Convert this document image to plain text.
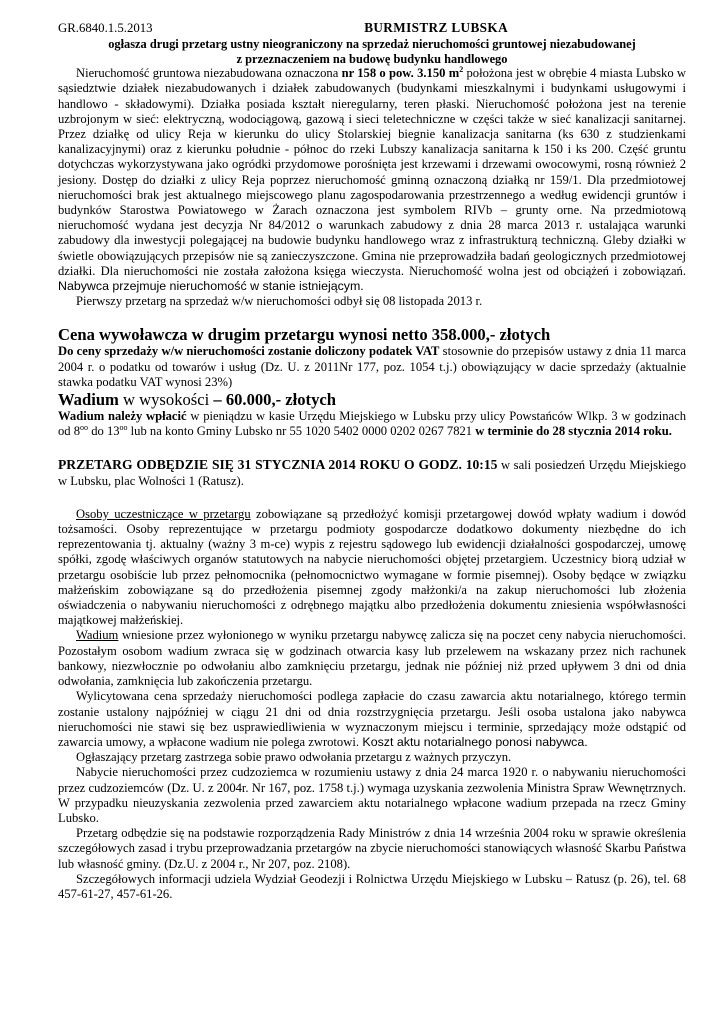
GR.6840.1.5.2013	BURMISTRZ LUBSKA
ogłasza drugi przetarg ustny nieograniczony na sprzedaż nieruchomości gruntowej niezabudowanej
z przeznaczeniem na budowę budynku handlowego

Nieruchomość gruntowa niezabudowana oznaczona nr 158 o pow. 3.150 $m^2$ położona jest w obrębie 4 miasta Lubsko w sąsiedztwie działek niezabudowanych i działek zabudowanych (budynkami mieszkalnymi i budynkami usługowymi i handlowo - składowymi). Działka posiada kształt nieregularny, teren płaski. Nieruchomość położona jest na terenie uzbrojonym w sieć: elektryczną, wodociągową, gazową i sieci teletechniczne w części także w sieć kanalizacji sanitarnej. Przez działkę od ulicy Reja w kierunku do ulicy Stolarskiej biegnie kanalizacja sanitarna (ks 630 z studzienkami kanalizacyjnymi) oraz z kierunku południe - północ do rzeki Lubszy kanalizacja sanitarna k 150 i ks 200. Część gruntu dotychczas wykorzystywana jako ogródki przydomowe porośnięta jest krzewami i drzewami owocowymi, rosną również 2 jesiony. Dostęp do działki z ulicy Reja poprzez nieruchomość gminną oznaczoną działką nr 159/1. Dla przedmiotowej nieruchomości brak jest aktualnego miejscowego planu zagospodarowania przestrzennego a według ewidencji gruntów i budynków Starostwa Powiatowego w Żarach oznaczona jest symbolem RIVb – grunty orne. Na przedmiotową nieruchomość wydana jest decyzja Nr 84/2012 o warunkach zabudowy z dnia 28 marca 2013 r. ustalająca warunki zabudowy dla inwestycji polegającej na budowie budynku handlowego wraz z infrastrukturą techniczną. Gleby działki w świetle obowiązujących przepisów nie są zanieczyszczone. Gmina nie przeprowadziła badań geologicznych przedmiotowej działki. Dla nieruchomości nie została założona księga wieczysta. Nieruchomość wolna jest od obciążeń i zobowiązań. Nabywca przejmuje nieruchomość w stanie istniejącym.

Pierwszy przetarg na sprzedaż w/w nieruchomości odbył się 08 listopada 2013 r.

Cena wywoławcza w drugim przetargu wynosi netto 358.000,- złotych

Do ceny sprzedaży w/w nieruchomości zostanie doliczony podatek VAT stosownie do przepisów ustawy z dnia 11 marca 2004 r. o podatku od towarów i usług (Dz. U. z 2011Nr 177, poz. 1054 t.j.) obowiązujący w dacie sprzedaży (aktualnie stawka podatku VAT wynosi 23%)

Wadium w wysokości – 60.000,- złotych

Wadium należy wpłacić w pieniądzu w kasie Urzędu Miejskiego w Lubsku przy ulicy Powstańców Wlkp. 3 w godzinach od $8^{oo}$ do $13^{oo}$ lub na konto Gminy Lubsko nr 55 1020 5402 0000 0202 0267 7821 w terminie do 28 stycznia 2014 roku.

PRZETARG ODBĘDZIE SIĘ 31 STYCZNIA 2014 ROKU O GODZ. 10:15 w sali posiedzeń Urzędu Miejskiego w Lubsku, plac Wolności 1 (Ratusz).

Osoby uczestniczące w przetargu zobowiązane są przedłożyć komisji przetargowej dowód wpłaty wadium i dowód tożsamości. Osoby reprezentujące w przetargu podmioty gospodarcze dodatkowo dokumenty niezbędne do ich reprezentowania tj. aktualny (ważny 3 m-ce) wypis z rejestru sądowego lub ewidencji działalności gospodarczej, umowę spółki, zgodę właściwych organów statutowych na nabycie nieruchomości objętej przetargiem. Uczestnicy biorą udział w przetargu osobiście lub przez pełnomocnika (pełnomocnictwo wymagane w formie pisemnej). Osoby będące w związku małżeńskim zobowiązane są do przedłożenia pisemnej zgody małżonki/a na zakup nieruchomości lub złożenia oświadczenia o nabywaniu nieruchomości z odrębnego majątku albo przedłożenia dokumentu zniesienia współwłasności majątkowej małżeńskiej.

Wadium wniesione przez wyłonionego w wyniku przetargu nabywcę zalicza się na poczet ceny nabycia nieruchomości. Pozostałym osobom wadium zwraca się w godzinach otwarcia kasy lub przelewem na wskazany przez nich rachunek bankowy, niezwłocznie po odwołaniu albo zamknięciu przetargu, jednak nie później niż przed upływem 3 dni od dnia odwołania, zamknięcia lub zakończenia przetargu.

Wylicytowana cena sprzedaży nieruchomości podlega zapłacie do czasu zawarcia aktu notarialnego, którego termin zostanie ustalony najpóźniej w ciągu 21 dni od dnia rozstrzygnięcia przetargu. Jeśli osoba ustalona jako nabywca nieruchomości nie stawi się bez usprawiedliwienia w wyznaczonym miejscu i terminie, sprzedający może odstąpić od zawarcia umowy, a wpłacone wadium nie polega zwrotowi. Koszt aktu notarialnego ponosi nabywca.

Ogłaszający przetarg zastrzega sobie prawo odwołania przetargu z ważnych przyczyn.

Nabycie nieruchomości przez cudzoziemca w rozumieniu ustawy z dnia 24 marca 1920 r. o nabywaniu nieruchomości przez cudzoziemców (Dz. U. z 2004r. Nr 167, poz. 1758 t.j.) wymaga uzyskania zezwolenia Ministra Spraw Wewnętrznych. W przypadku nieuzyskania zezwolenia przed zawarciem aktu notarialnego wpłacone wadium przepada na rzecz Gminy Lubsko.

Przetarg odbędzie się na podstawie rozporządzenia Rady Ministrów z dnia 14 września 2004 roku w sprawie określenia szczegółowych zasad i trybu przeprowadzania przetargów na zbycie nieruchomości stanowiących własność Skarbu Państwa lub własność gminy. (Dz.U. z 2004 r., Nr 207, poz. 2108).

Szczegółowych informacji udziela Wydział Geodezji i Rolnictwa Urzędu Miejskiego w Lubsku – Ratusz (p. 26), tel. 68 457-61-27, 457-61-26.
